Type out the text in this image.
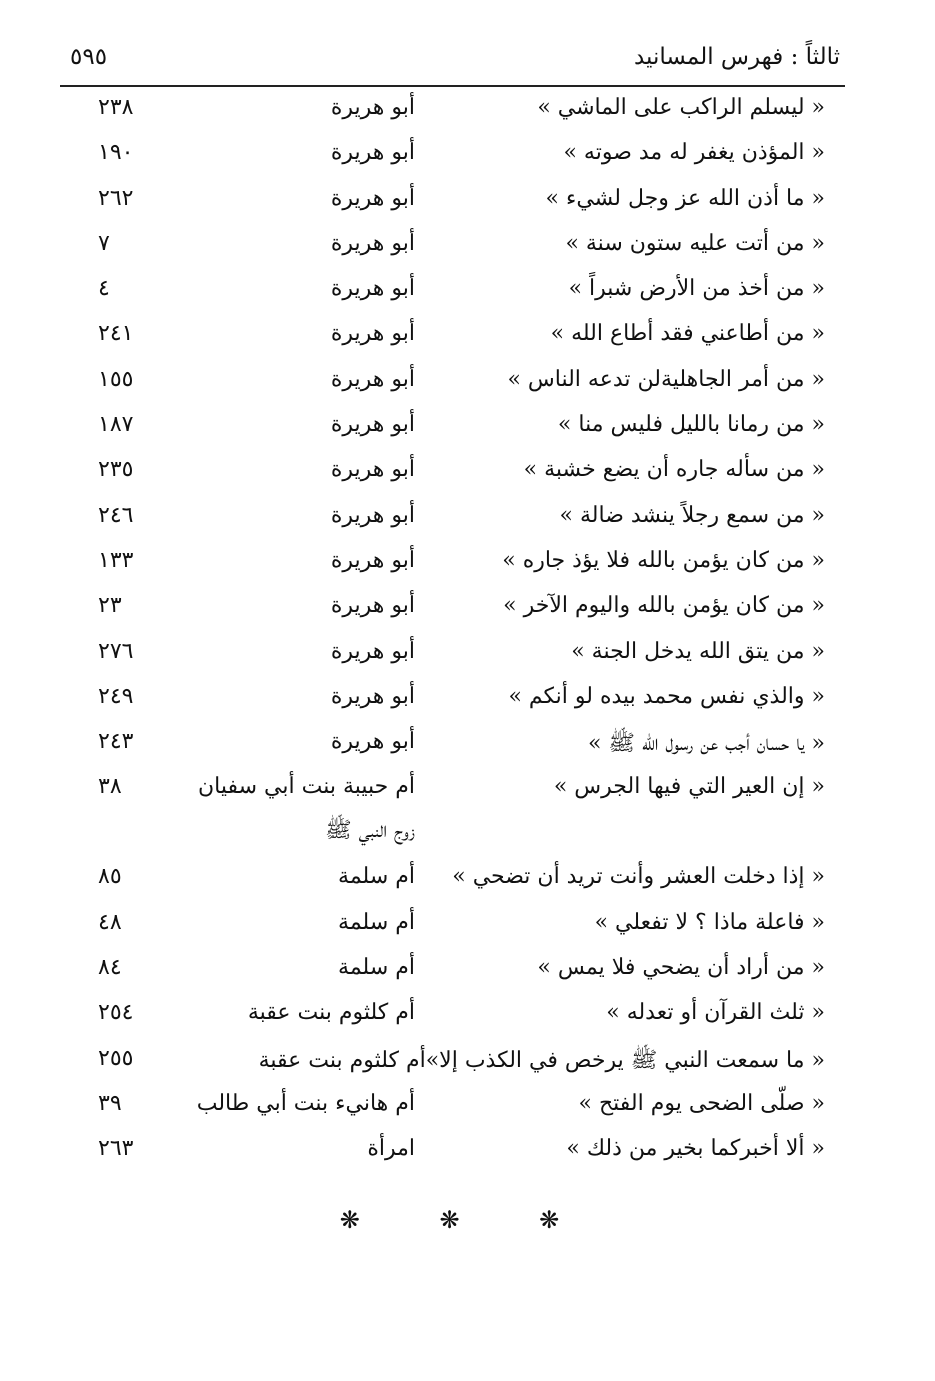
ثالثاً : فهرس المسانيد
٥٩٥
« ليسلم الراكب على الماشي »
أبو هريرة
٢٣٨
« المؤذن يغفر له مد صوته »
أبو هريرة
١٩٠
« ما أذن الله عز وجل لشيء »
أبو هريرة
٢٦٢
« من أتت عليه ستون سنة »
أبو هريرة
٧
« من أخذ من الأرض شبراً »
أبو هريرة
٤
« من أطاعني فقد أطاع الله »
أبو هريرة
٢٤١
« من أمر الجاهليةلن تدعه الناس »
أبو هريرة
١٥٥
« من رمانا بالليل فليس منا »
أبو هريرة
١٨٧
« من سأله جاره أن يضع خشبة »
أبو هريرة
٢٣٥
« من سمع رجلاً ينشد ضالة »
أبو هريرة
٢٤٦
« من كان يؤمن بالله فلا يؤذ جاره »
أبو هريرة
١٣٣
« من كان يؤمن بالله واليوم الآخر »
أبو هريرة
٢٣
« من يتق الله يدخل الجنة »
أبو هريرة
٢٧٦
« والذي نفس محمد بيده لو أنكم »
أبو هريرة
٢٤٩
« يا حسان أجب عن رسول الله ﷺ »
أبو هريرة
٢٤٣
« إن العير التي فيها الجرس »
أم حبيبة بنت أبي سفيان
زوج النبي ﷺ
٣٨
« إذا دخلت العشر وأنت تريد أن تضحي »
أم سلمة
٨٥
« فاعلة ماذا ؟ لا تفعلي »
أم سلمة
٤٨
« من أراد أن يضحي فلا يمس »
أم سلمة
٨٤
« ثلث القرآن أو تعدله »
أم كلثوم بنت عقبة
٢٥٤
« ما سمعت النبي ﷺ يرخص في الكذب إلا»أم كلثوم بنت عقبة
٢٥٥
« صلّى الضحى يوم الفتح »
أم هانيء بنت أبي طالب
٣٩
« ألا أخبركما بخير من ذلك »
امرأة
٢٦٣
❋ ❋ ❋
